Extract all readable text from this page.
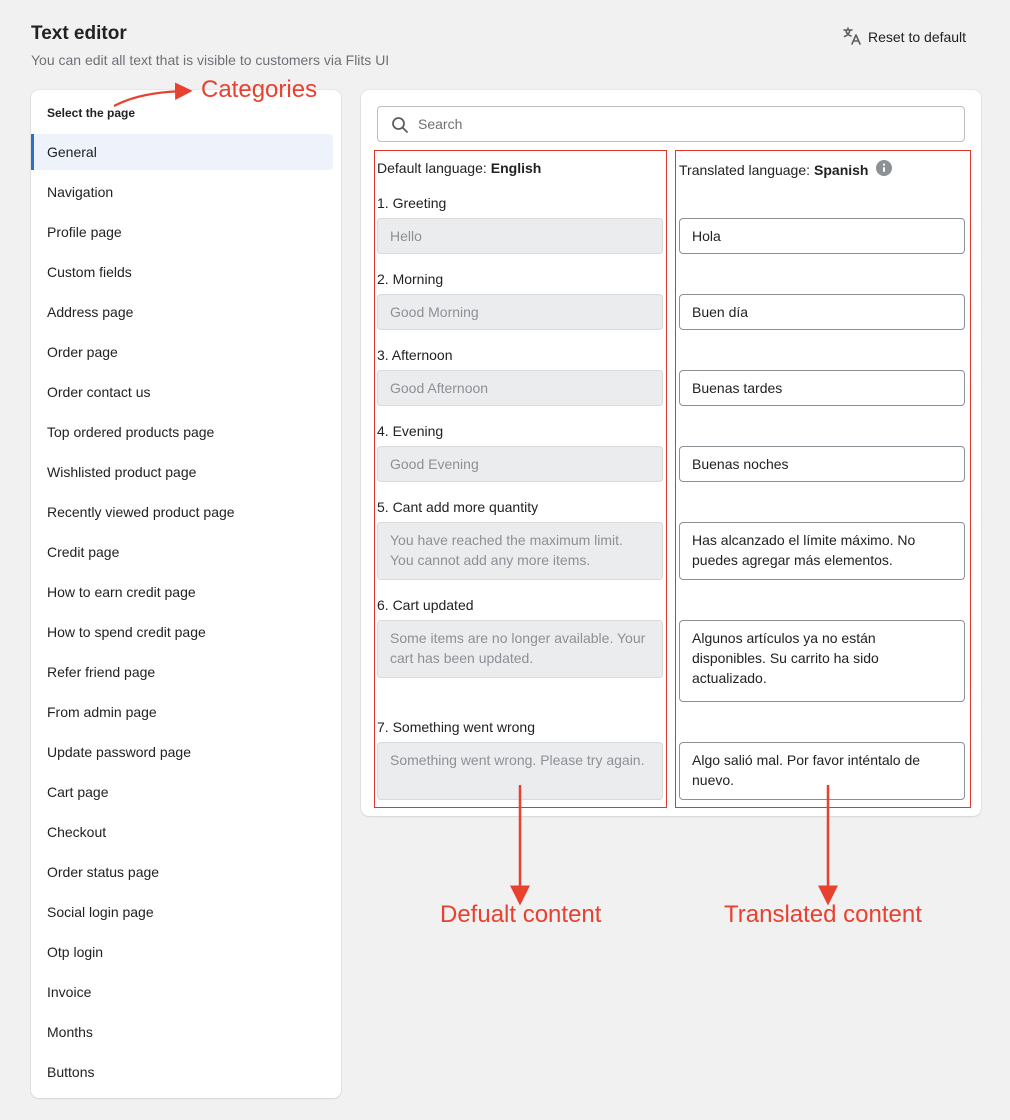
Text editor
You can edit all text that is visible to customers via Flits UI
Reset to default
Select the page
General
Navigation
Profile page
Custom fields
Address page
Order page
Order contact us
Top ordered products page
Wishlisted product page
Recently viewed product page
Credit page
How to earn credit page
How to spend credit page
Refer friend page
From admin page
Update password page
Cart page
Checkout
Order status page
Social login page
Otp login
Invoice
Months
Buttons
Search
Default language: English
1. Greeting
Hello
2. Morning
Good Morning
3. Afternoon
Good Afternoon
4. Evening
Good Evening
5. Cant add more quantity
You have reached the maximum limit. You cannot add any more items.
6. Cart updated
Some items are no longer available. Your cart has been updated.
7. Something went wrong
Something went wrong. Please try again.
Translated language: Spanish
Hola
Buen día
Buenas tardes
Buenas noches
Has alcanzado el límite máximo. No puedes agregar más elementos.
Algunos artículos ya no están disponibles. Su carrito ha sido actualizado.
Algo salió mal. Por favor inténtalo de nuevo.
Categories
Defualt content	Translated content
